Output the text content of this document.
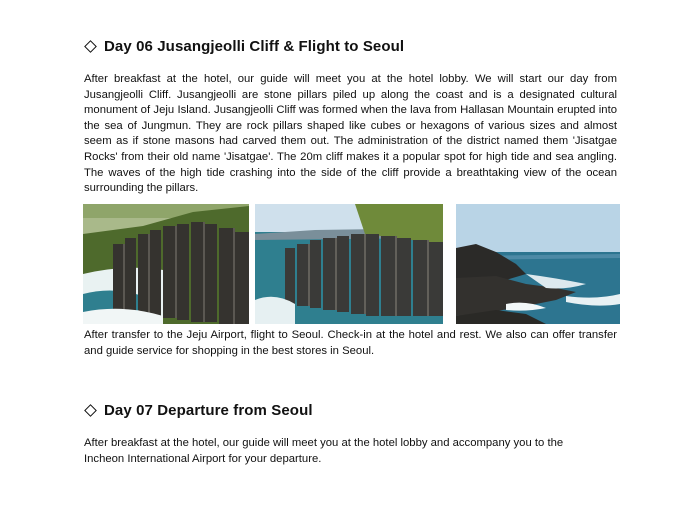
Day 06 Jusangjeolli Cliff & Flight to Seoul
After breakfast at the hotel, our guide will meet you at the hotel lobby. We will start our day from Jusangjeolli Cliff. Jusangjeolli are stone pillars piled up along the coast and is a designated cultural monument of Jeju Island. Jusangjeolli Cliff was formed when the lava from Hallasan Mountain erupted into the sea of Jungmun. They are rock pillars shaped like cubes or hexagons of various sizes and almost seem as if stone masons had carved them out. The administration of the district named them 'Jisatgae Rocks' from their old name 'Jisatgae'. The 20m cliff makes it a popular spot for high tide and sea angling. The waves of the high tide crashing into the side of the cliff provide a breathtaking view of the ocean surrounding the pillars.
After transfer to the Jeju Airport, flight to Seoul. Check-in at the hotel and rest. We also can offer transfer and guide service for shopping in the best stores in Seoul.
Day 07 Departure from Seoul
After breakfast at the hotel, our guide will meet you at the hotel lobby and accompany you to the Incheon International Airport for your departure.
